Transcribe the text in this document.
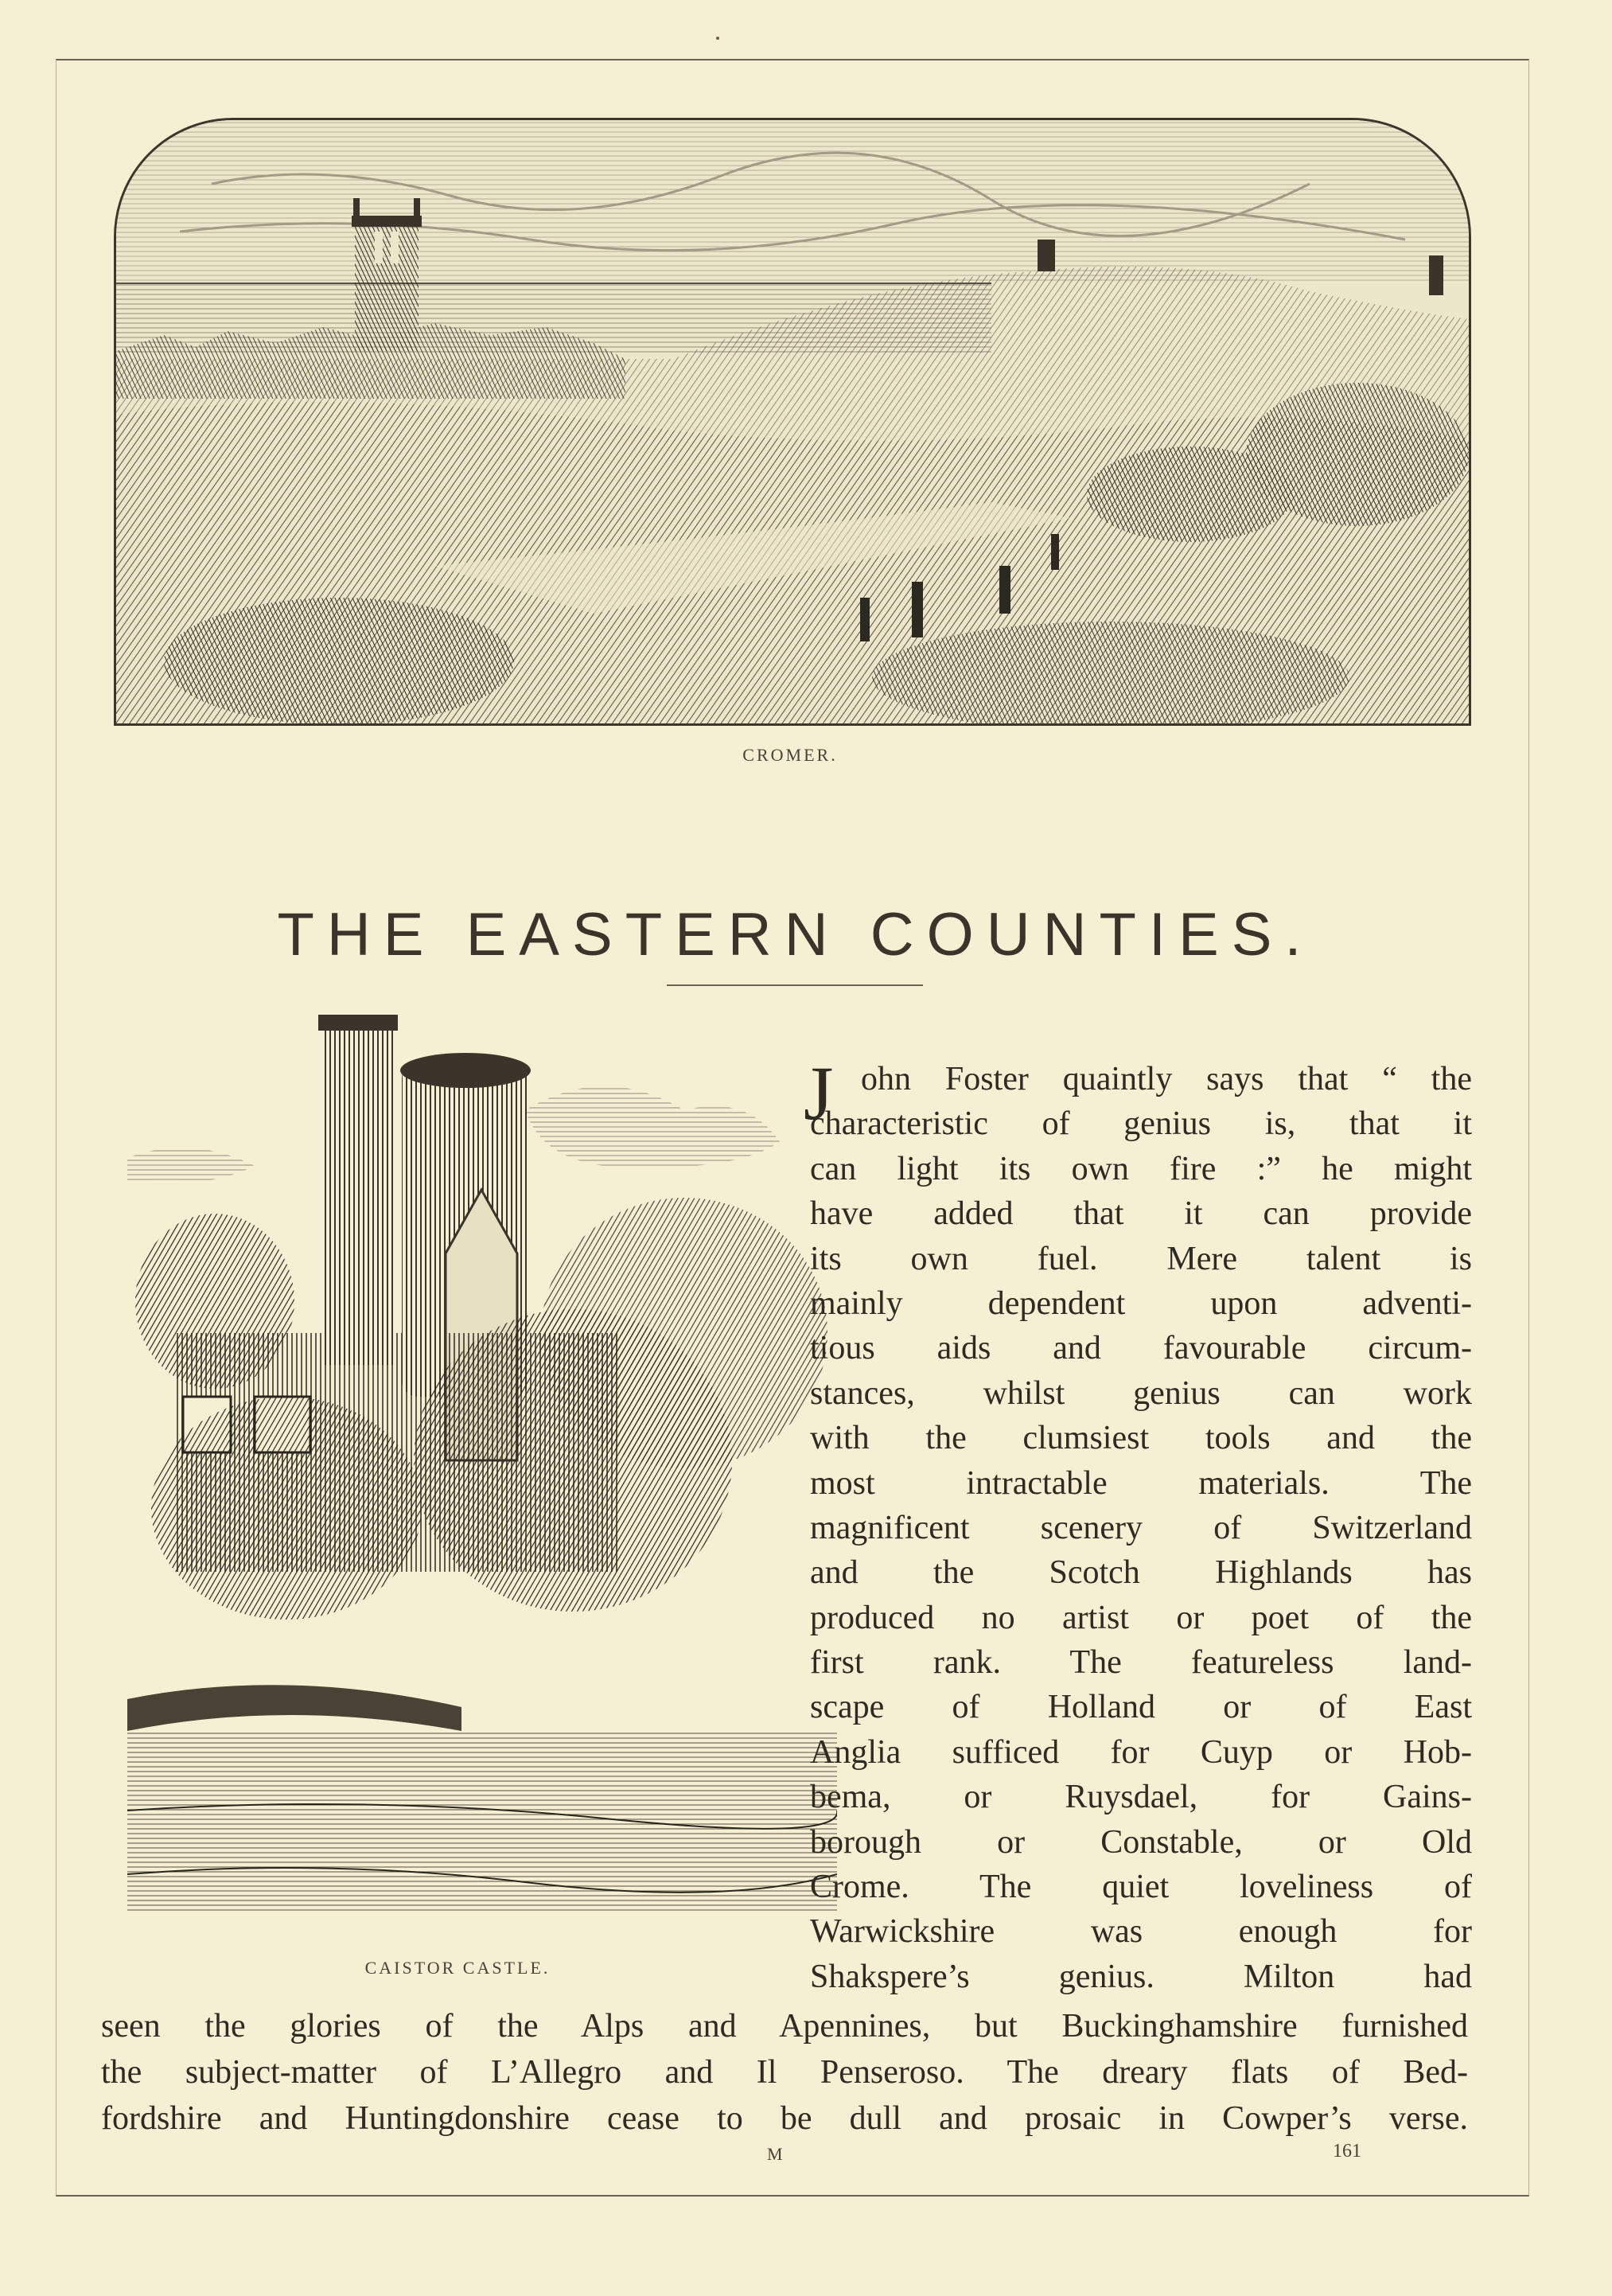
CROMER.
THE EASTERN COUNTIES.
CAISTOR CASTLE.
J ohn Foster quaintly says that “ the
characteristic of genius is, that it
can light its own fire :” he might
have added that it can provide
its own fuel. Mere talent is
mainly dependent upon adventi-
tious aids and favourable circum-
stances, whilst genius can work
with the clumsiest tools and the
most intractable materials. The
magnificent scenery of Switzerland
and the Scotch Highlands has
produced no artist or poet of the
first rank. The featureless land-
scape of Holland or of East
Anglia sufficed for Cuyp or Hob-
bema, or Ruysdael, for Gains-
borough or Constable, or Old
Crome. The quiet loveliness of
Warwickshire was enough for
Shakspere’s genius. Milton had
seen the glories of the Alps and Apennines, but Buckinghamshire furnished
the subject-matter of L’Allegro and Il Penseroso. The dreary flats of Bed-
fordshire and Huntingdonshire cease to be dull and prosaic in Cowper’s verse.
M	161
